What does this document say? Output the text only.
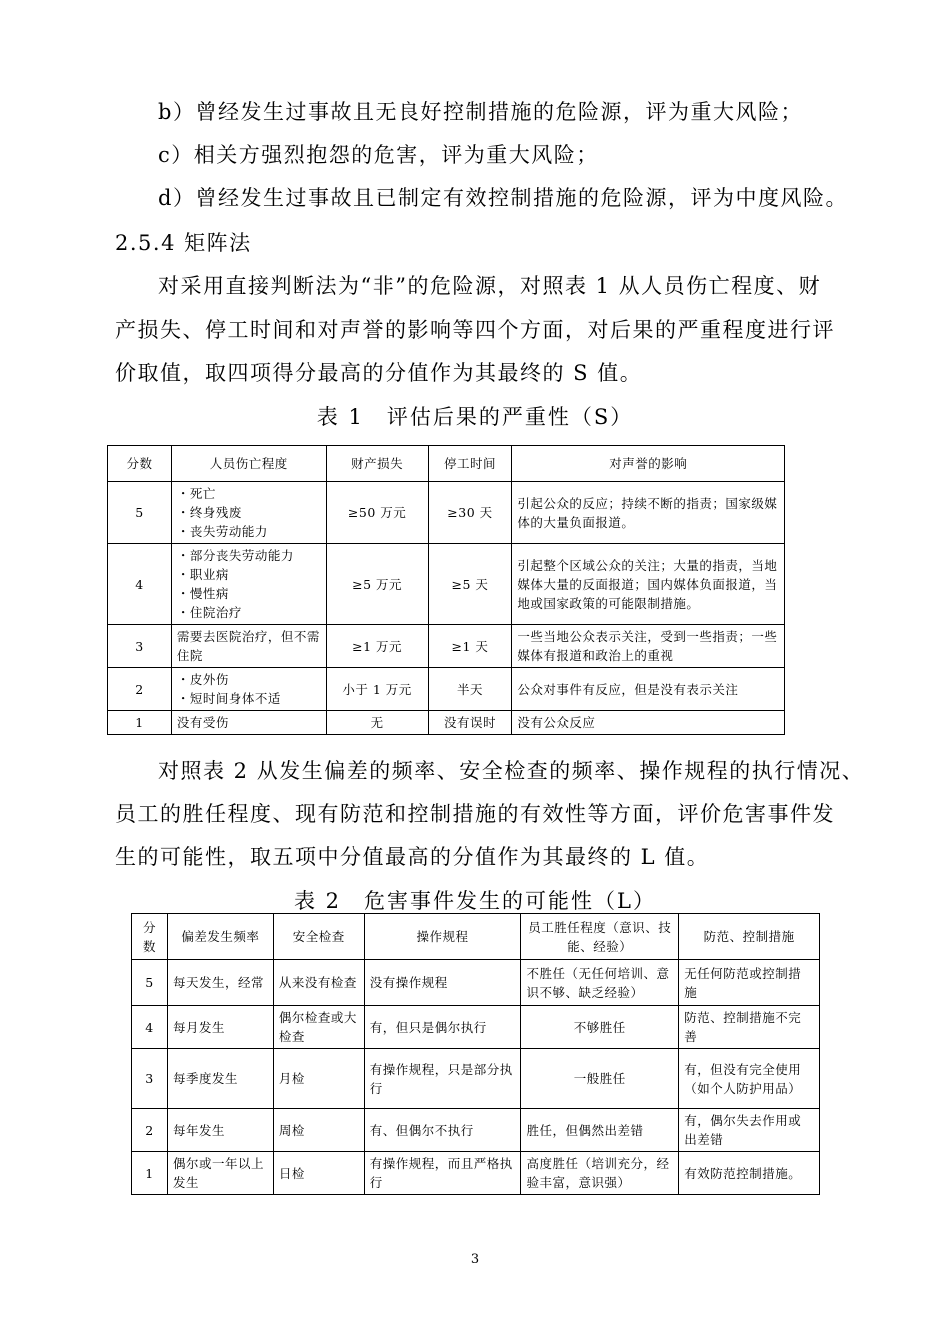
b）曾经发生过事故且无良好控制措施的危险源，评为重大风险；
c）相关方强烈抱怨的危害，评为重大风险；
d）曾经发生过事故且已制定有效控制措施的危险源，评为中度风险。
2.5.4 矩阵法
对采用直接判断法为“非”的危险源，对照表 1 从人员伤亡程度、财
产损失、停工时间和对声誉的影响等四个方面，对后果的严重程度进行评
价取值，取四项得分最高的分值作为其最终的 S 值。
表 1　评估后果的严重性（S）
分数	人员伤亡程度	财产损失	停工时间	对声誉的影响
5	・死亡
・终身残废
・丧失劳动能力	≥50 万元	≥30 天	引起公众的反应；持续不断的指责；国家级媒体的大量负面报道。
4	・部分丧失劳动能力
・职业病
・慢性病
・住院治疗	≥5 万元	≥5 天	引起整个区域公众的关注；大量的指责，当地媒体大量的反面报道；国内媒体负面报道，当地或国家政策的可能限制措施。
3	需要去医院治疗，但不需住院	≥1 万元	≥1 天	一些当地公众表示关注，受到一些指责；一些媒体有报道和政治上的重视
2	・皮外伤
・短时间身体不适	小于 1 万元	半天	公众对事件有反应，但是没有表示关注
1	没有受伤	无	没有误时	没有公众反应
对照表 2 从发生偏差的频率、安全检查的频率、操作规程的执行情况、
员工的胜任程度、现有防范和控制措施的有效性等方面，评价危害事件发
生的可能性，取五项中分值最高的分值作为其最终的 L 值。
表 2　危害事件发生的可能性（L）
分数	偏差发生频率	安全检查	操作规程	员工胜任程度（意识、技能、经验）	防范、控制措施
5	每天发生，经常	从来没有检查	没有操作规程	不胜任（无任何培训、意识不够、缺乏经验）	无任何防范或控制措施
4	每月发生	偶尔检查或大检查	有，但只是偶尔执行	不够胜任	防范、控制措施不完善
3	每季度发生	月检	有操作规程，只是部分执行	一般胜任	有，但没有完全使用（如个人防护用品）
2	每年发生	周检	有、但偶尔不执行	胜任，但偶然出差错	有，偶尔失去作用或出差错
1	偶尔或一年以上发生	日检	有操作规程，而且严格执行	高度胜任（培训充分，经验丰富，意识强）	有效防范控制措施。
3
